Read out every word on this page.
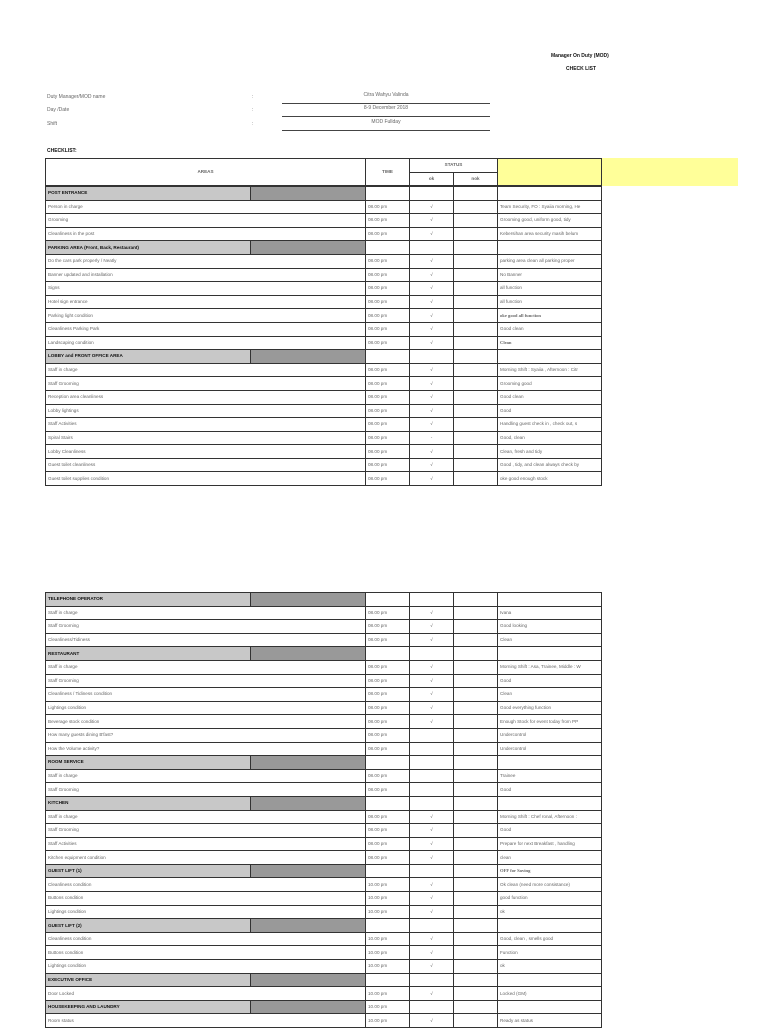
Manager On Duty (MOD)
CHECK LIST
Duty Manager/MOD name	:	Citra Wahyu Valinda
Day /Date	:	8-9 December 2018
Shift	:	MOD Fullday
CHECKLIST:
AREAS	TIME	STATUS		
		ok	nok	
POST ENTRANCE					
Person in charge		08.00 pm	√		Team Security, FO : Syaiia morning, He
Grooming		08.00 pm	√		Grooming good, uniform good, tidy
Cleanliness in the post		08.00 pm	√		Kebersihan area security masih belum
PARKING AREA (Front, Back, Restaurant)					
Do the cars park properly / Neatly		08.00 pm	√		parking area clean all parking proper
Banner updated and installation		08.00 pm	√		No Banner
Signs		08.00 pm	√		all function
Hotel sign entrance		08.00 pm	√		all function
Parking light condition		08.00 pm	√		oke good all function
Cleanliness Parking Park		08.00 pm	√		Good clean
Landscaping condition		08.00 pm	√		Clean
LOBBY and FRONT OFFICE AREA					
Staff in charge		08.00 pm	√		Morning Shift : Syaiia , Afternoon : Citr
Staff Grooming		08.00 pm	√		Grooming good
Reception area cleanliness		08.00 pm	√		Good clean
Lobby lightings		08.00 pm	√		Good
Staff Activities		08.00 pm	√		Handling guest check in , check out, s
Spiral Stairs		08.00 pm	-		Good, clean
Lobby Cleanliness		08.00 pm	√		Clean, fresh and tidy
Guest toilet cleanliness		08.00 pm	√		Good , tidy, and clean always check by
Guest toilet supplies condition		08.00 pm	√		oke good enough stock
TELEPHONE OPERATOR					
Staff in charge		08.00 pm	√		Ivana
Staff Grooming		08.00 pm	√		Good looking
Cleanliness/Tidiness		08.00 pm	√		Clean
RESTAURANT					
Staff in charge		08.00 pm	√		Morning Shift : Asa, Trainee, Middle : W
Staff Grooming		08.00 pm	√		Good
Cleanliness / Tidiness condition		08.00 pm	√		Clean
Lightings condition		08.00 pm	√		Good everything function
Beverage stock condition		08.00 pm	√		Enough Stock for event today from PP
How many guests dining B'fast?		08.00 pm			Undercontrol
How the Volume activity?		08.00 pm			Undercontrol
ROOM SERVICE					
Staff in charge		08.00 pm			Trainee
Staff Grooming		08.00 pm			Good
KITCHEN					
Staff in charge		08.00 pm	√		Morning Shift : Chef ronal, Afternoon :
Staff Grooming		08.00 pm	√		Good
Staff Activities		08.00 pm	√		Prepare for next Breakfast , handling
Kitchen equipment condition		08.00 pm	√		clean
GUEST LIFT (1)					OFF for Saving
Cleanliness condition		10.00 pm	√		Ok clean (need more consistance)
Buttons condition		10.00 pm	√		good function
Lightings condition		10.00 pm	√		ok
GUEST LIFT (2)					
Cleanliness condition		10.00 pm	√		Good, clean , smells good
Buttons condition		10.00 pm	√		Function
Lightings condition		10.00 pm	√		ok
EXECUTIVE OFFICE					
Door Locked		10.00 pm	√		Locked (GM)
HOUSEKEEPING AND LAUNDRY		10.00 pm			
Room status		10.00 pm	√		Ready as status
